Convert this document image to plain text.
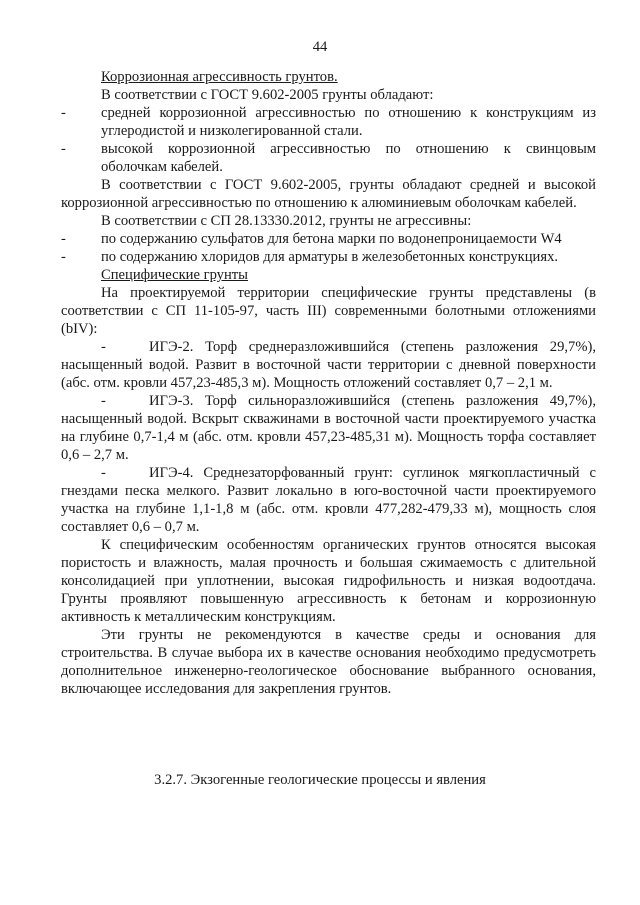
44

Коррозионная агрессивность грунтов.

В соответствии с ГОСТ 9.602-2005 грунты обладают:

- средней коррозионной агрессивностью по отношению к конструкциям из углеродистой и низколегированной стали.

- высокой коррозионной агрессивностью по отношению к свинцовым оболочкам кабелей.

В соответствии с ГОСТ 9.602-2005, грунты обладают средней и высокой коррозионной агрессивностью по отношению к алюминиевым оболочкам кабелей.

В соответствии с СП 28.13330.2012, грунты не агрессивны:

- по содержанию сульфатов для бетона марки по водонепроницаемости W4

- по содержанию хлоридов для арматуры в железобетонных конструкциях.

Специфические грунты

На проектируемой территории специфические грунты представлены (в соответствии с СП 11-105-97, часть III) современными болотными отложениями (bIV):

-	ИГЭ-2. Торф среднеразложившийся (степень разложения 29,7%), насыщенный водой. Развит в восточной части территории с дневной поверхности (абс. отм. кровли 457,23-485,3 м). Мощность отложений составляет 0,7 – 2,1 м.

-	ИГЭ-3. Торф сильноразложившийся (степень разложения 49,7%), насыщенный водой. Вскрыт скважинами в восточной части проектируемого участка на глубине 0,7-1,4 м (абс. отм. кровли 457,23-485,31 м). Мощность торфа составляет 0,6 – 2,7 м.

-	ИГЭ-4. Среднезаторфованный грунт: суглинок мягкопластичный с гнездами песка мелкого. Развит локально в юго-восточной части проектируемого участка на глубине 1,1-1,8 м (абс. отм. кровли 477,282-479,33 м), мощность слоя составляет 0,6 – 0,7 м.

К специфическим особенностям органических грунтов относятся высокая пористость и влажность, малая прочность и большая сжимаемость с длительной консолидацией при уплотнении, высокая гидрофильность и низкая водоотдача. Грунты проявляют повышенную агрессивность к бетонам и коррозионную активность к металлическим конструкциям.

Эти грунты не рекомендуются в качестве среды и основания для строительства. В случае выбора их в качестве основания необходимо предусмотреть дополнительное инженерно-геологическое обоснование выбранного основания, включающее исследования для закрепления грунтов.

3.2.7. Экзогенные геологические процессы и явления
